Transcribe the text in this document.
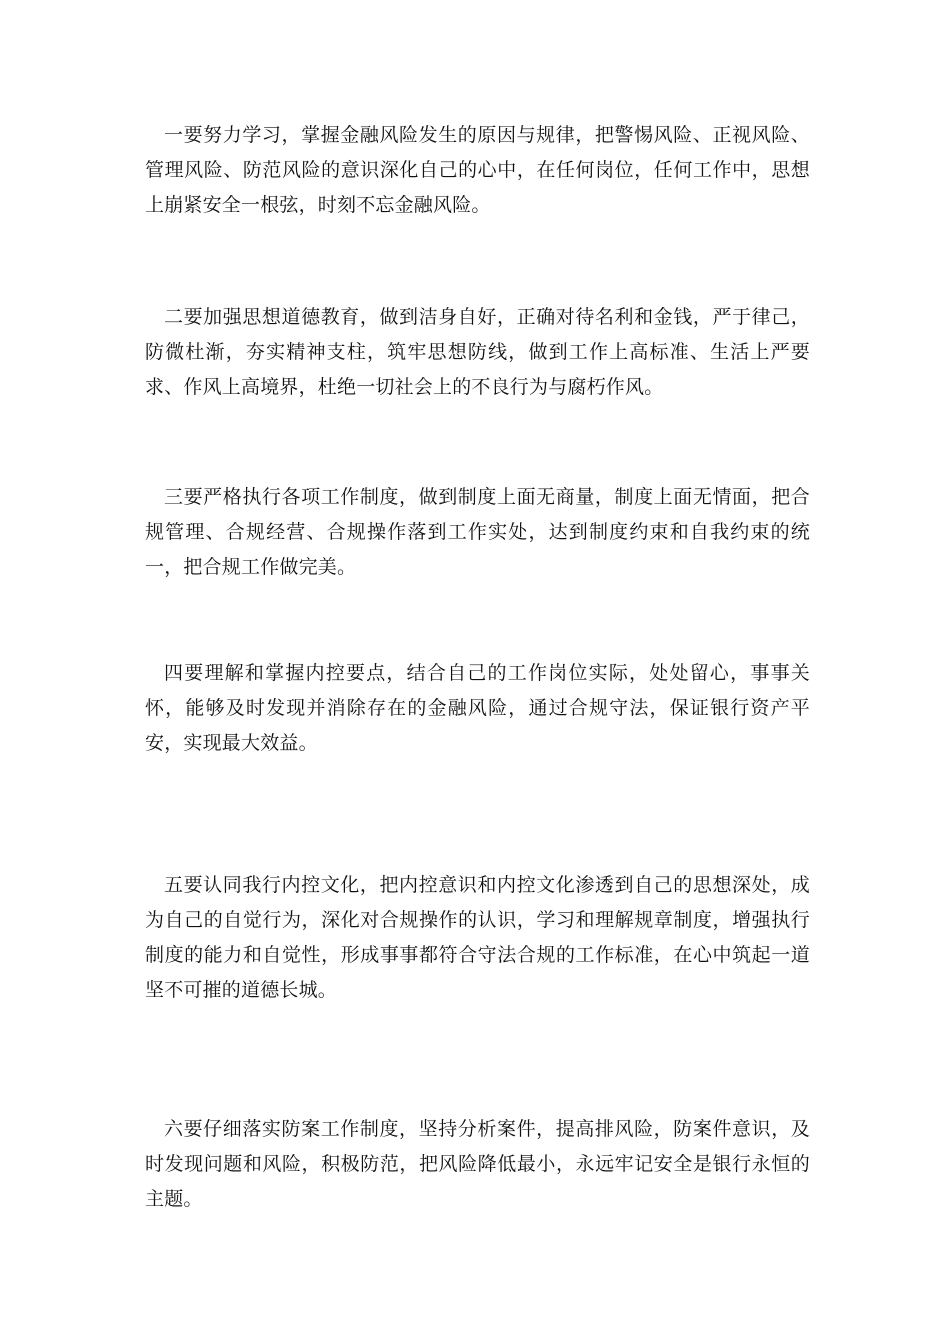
一要努力学习，掌握金融风险发生的原因与规律，把警惕风险、正视风险、管理风险、防范风险的意识深化自己的心中，在任何岗位，任何工作中，思想上崩紧安全一根弦，时刻不忘金融风险。

二要加强思想道德教育，做到洁身自好，正确对待名利和金钱，严于律己，防微杜渐，夯实精神支柱，筑牢思想防线，做到工作上高标准、生活上严要求、作风上高境界，杜绝一切社会上的不良行为与腐朽作风。

三要严格执行各项工作制度，做到制度上面无商量，制度上面无情面，把合规管理、合规经营、合规操作落到工作实处，达到制度约束和自我约束的统一，把合规工作做完美。

四要理解和掌握内控要点，结合自己的工作岗位实际，处处留心，事事关怀，能够及时发现并消除存在的金融风险，通过合规守法，保证银行资产平安，实现最大效益。

五要认同我行内控文化，把内控意识和内控文化渗透到自己的思想深处，成为自己的自觉行为，深化对合规操作的认识，学习和理解规章制度，增强执行制度的能力和自觉性，形成事事都符合守法合规的工作标准，在心中筑起一道坚不可摧的道德长城。

六要仔细落实防案工作制度，坚持分析案件，提高排风险，防案件意识，及时发现问题和风险，积极防范，把风险降低最小，永远牢记安全是银行永恒的主题。
